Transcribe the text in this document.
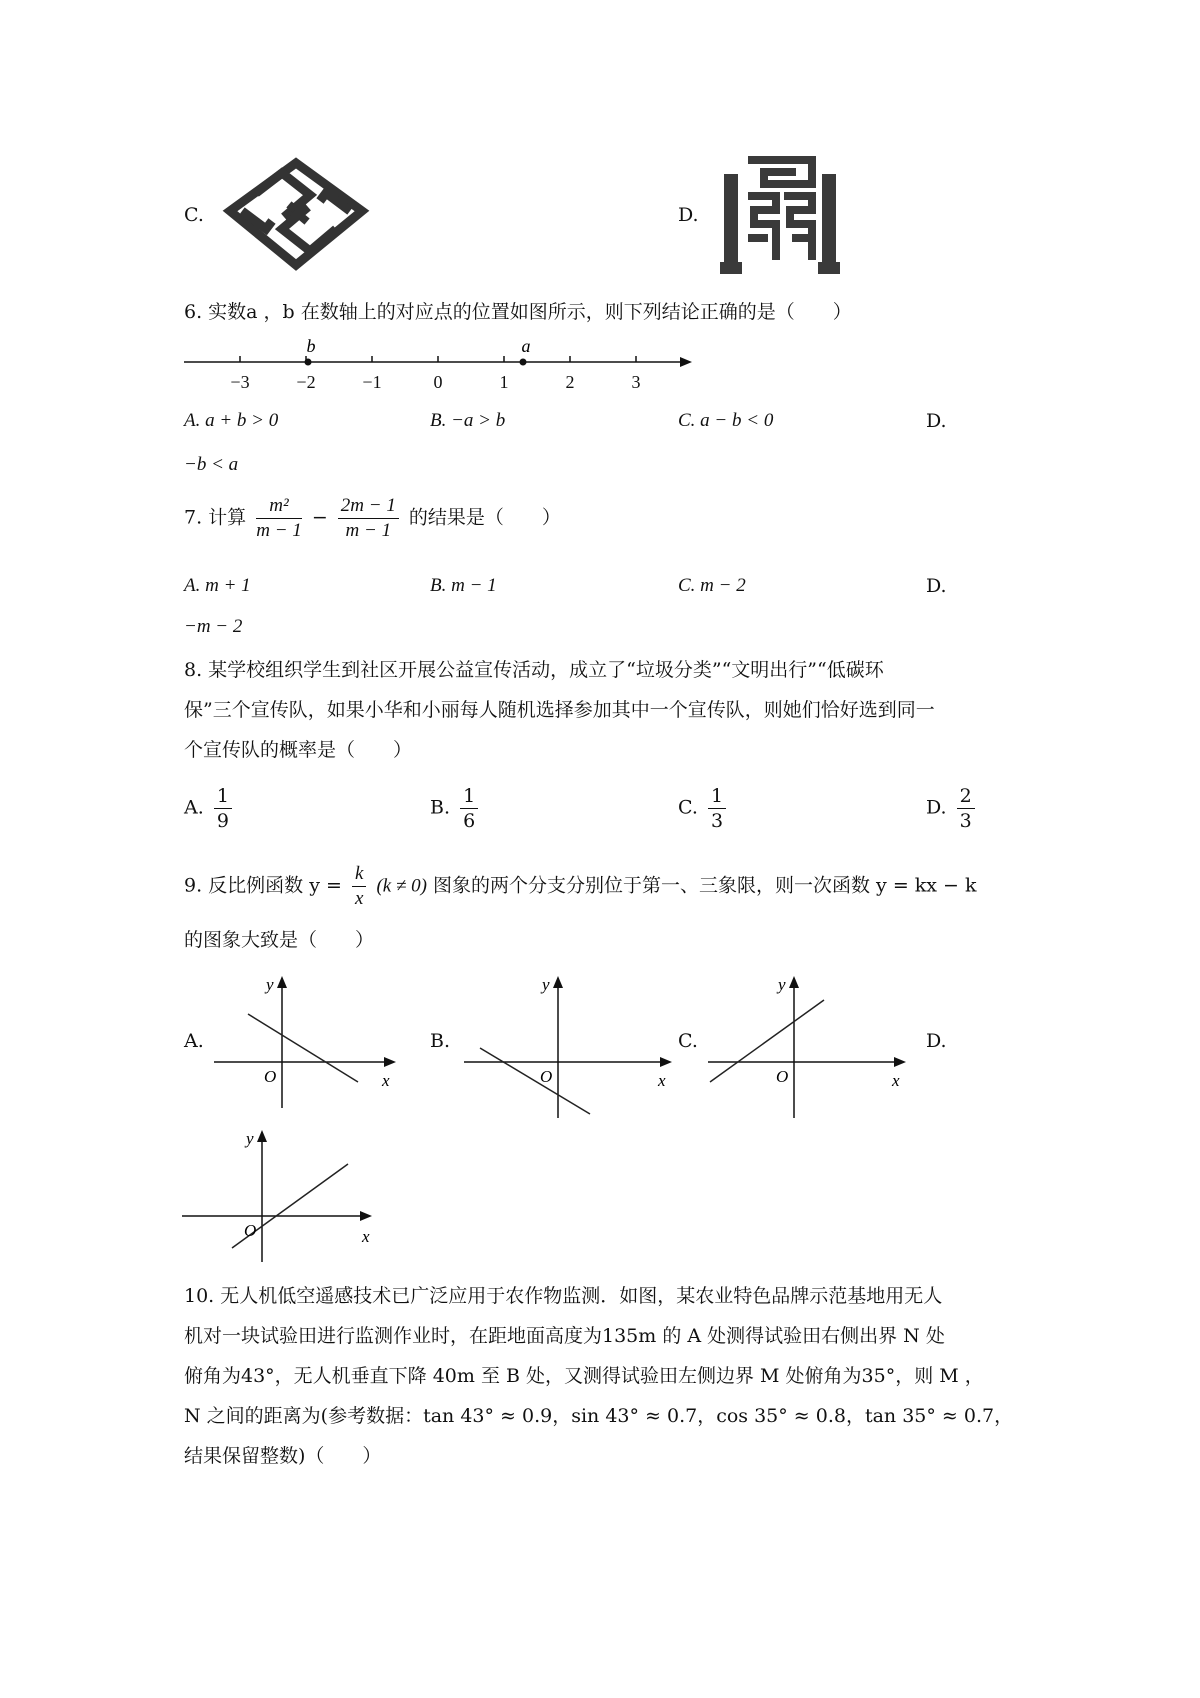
C.	D.
6. 实数a ，b 在数轴上的对应点的位置如图所示，则下列结论正确的是（　　）
−3	−2	−1	0	1	2	3
b	a
A. a + b > 0	B. −a > b	C. a − b < 0	D.
−b < a
7. 计算 $\frac{\text{m²}}{m - 1} - \frac{2m - 1}{m - 1}$ 的结果是（　　）
A. m + 1	B. m − 1	C. m − 2	D.
−m − 2
8. 某学校组织学生到社区开展公益宣传活动，成立了“垃圾分类”“文明出行”“低碳环
保”三个宣传队，如果小华和小丽每人随机选择参加其中一个宣传队，则她们恰好选到同一
个宣传队的概率是（　　）
A. $\frac{1}{9}$	B. $\frac{1}{6}$	C. $\frac{1}{3}$	D. $\frac{2}{3}$
9. 反比例函数 $y = \frac{k}{x} (k \ne 0)$ 图象的两个分支分别位于第一、三象限，则一次函数 y = kx − k
的图象大致是（　　）
A.	B.	C.	D.
y
x
O
y
x
O
y
x
O
y
x
O
10. 无人机低空遥感技术已广泛应用于农作物监测．如图，某农业特色品牌示范基地用无人
机对一块试验田进行监测作业时，在距地面高度为135m 的 A 处测得试验田右侧出界 N 处
俯角为43°，无人机垂直下降 40m 至 B 处，又测得试验田左侧边界 M 处俯角为35°，则 M ，
N 之间的距离为(参考数据：tan 43° ≈ 0.9，sin 43° ≈ 0.7，cos 35° ≈ 0.8，tan 35° ≈ 0.7，
结果保留整数)（　　）
